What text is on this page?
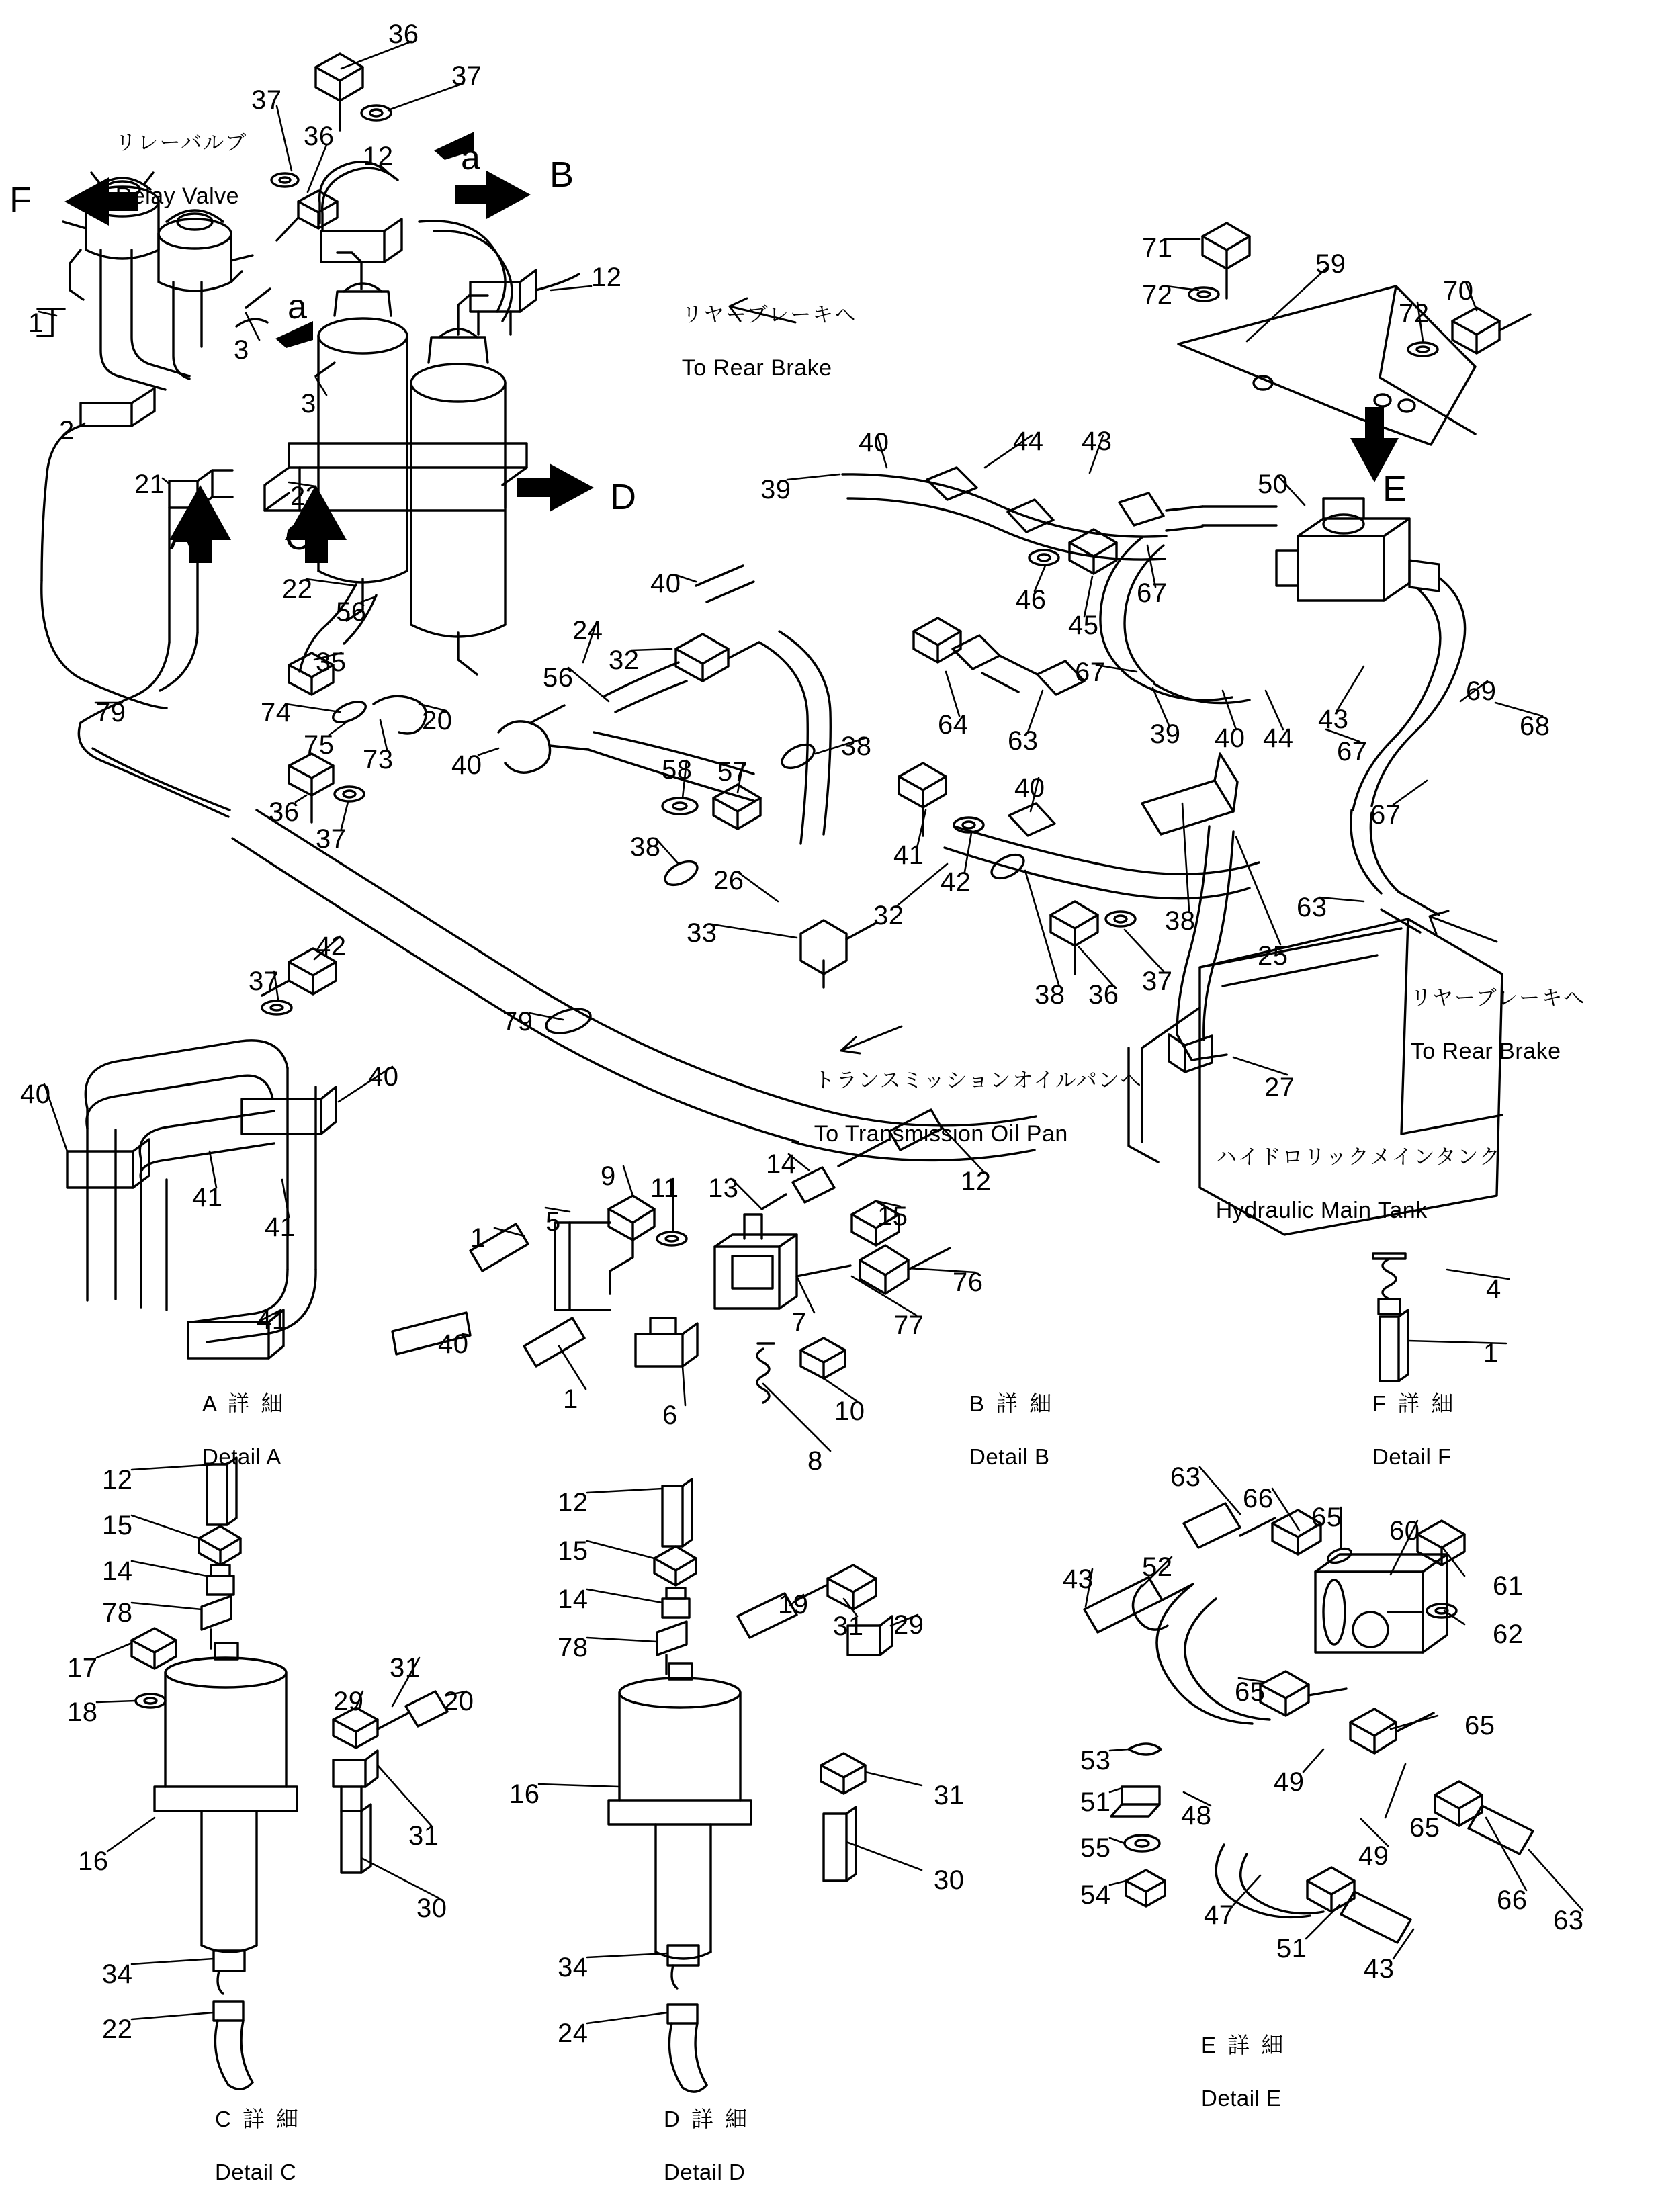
リレーバルブ

Relay Valve

リヤーブレーキへ

To Rear Brake

リヤーブレーキへ

To Rear Brake

トランスミッションオイルパンへ

To Transmission Oil Pan

ハイドロリックメインタンク

Hydraulic Main Tank

A 詳 細

Detail A

B 詳 細

Detail B

F 詳 細

Detail F

C 詳 細

Detail C

D 詳 細

Detail D

E 詳 細

Detail E

F
B
A	C
D	E
a
a
36
37
37
36
12
12
1
3
3
2
21	23
22
56
35
79	74
75 73
20
36
37
24
56
32
40
40	58 57
38
38
26
33
79
39
40	44 43
46
45
67
67
64
63	39 40 44
43
50
71
72
59
72
70
69
68
67
67
63
41
42
40
32
38 36 37
38
25
27
42
37
40
40
41
41
41
40
5
9 11 13
14
12
15
76
77
7
1
1
6	10
8
4
1
12
15
14
78
17
18	29
31
20
31
16
30
34
22
12
15
14
78
19
31 29
16	31
30
34
24
63
66
65 60
61
62
43 52
65
65
65
53
51	48
49
49
55
54
47
51
43
66
63
